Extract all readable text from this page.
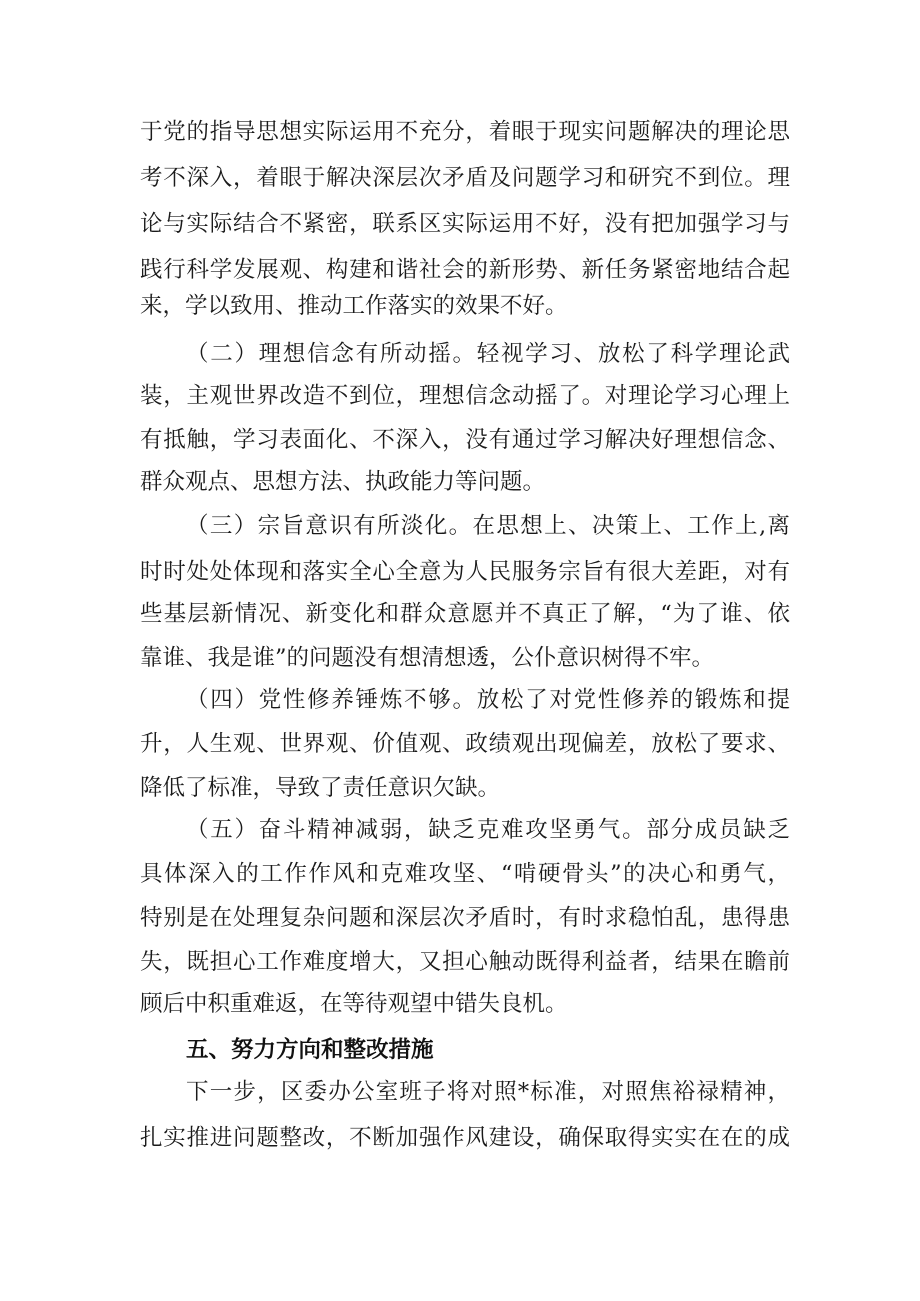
于党的指导思想实际运用不充分，着眼于现实问题解决的理论思
考不深入，着眼于解决深层次矛盾及问题学习和研究不到位。理
论与实际结合不紧密，联系区实际运用不好，没有把加强学习与
践行科学发展观、构建和谐社会的新形势、新任务紧密地结合起
来，学以致用、推动工作落实的效果不好。
（二）理想信念有所动摇。轻视学习、放松了科学理论武
装，主观世界改造不到位，理想信念动摇了。对理论学习心理上
有抵触，学习表面化、不深入，没有通过学习解决好理想信念、
群众观点、思想方法、执政能力等问题。
（三）宗旨意识有所淡化。在思想上、决策上、工作上,离
时时处处体现和落实全心全意为人民服务宗旨有很大差距，对有
些基层新情况、新变化和群众意愿并不真正了解，“为了谁、依
靠谁、我是谁”的问题没有想清想透，公仆意识树得不牢。
（四）党性修养锤炼不够。放松了对党性修养的锻炼和提
升，人生观、世界观、价值观、政绩观出现偏差，放松了要求、
降低了标准，导致了责任意识欠缺。
（五）奋斗精神减弱，缺乏克难攻坚勇气。部分成员缺乏
具体深入的工作作风和克难攻坚、“啃硬骨头”的决心和勇气，
特别是在处理复杂问题和深层次矛盾时，有时求稳怕乱，患得患
失，既担心工作难度增大，又担心触动既得利益者，结果在瞻前
顾后中积重难返，在等待观望中错失良机。
五、努力方向和整改措施
下一步，区委办公室班子将对照*标准，对照焦裕禄精神，
扎实推进问题整改，不断加强作风建设，确保取得实实在在的成
